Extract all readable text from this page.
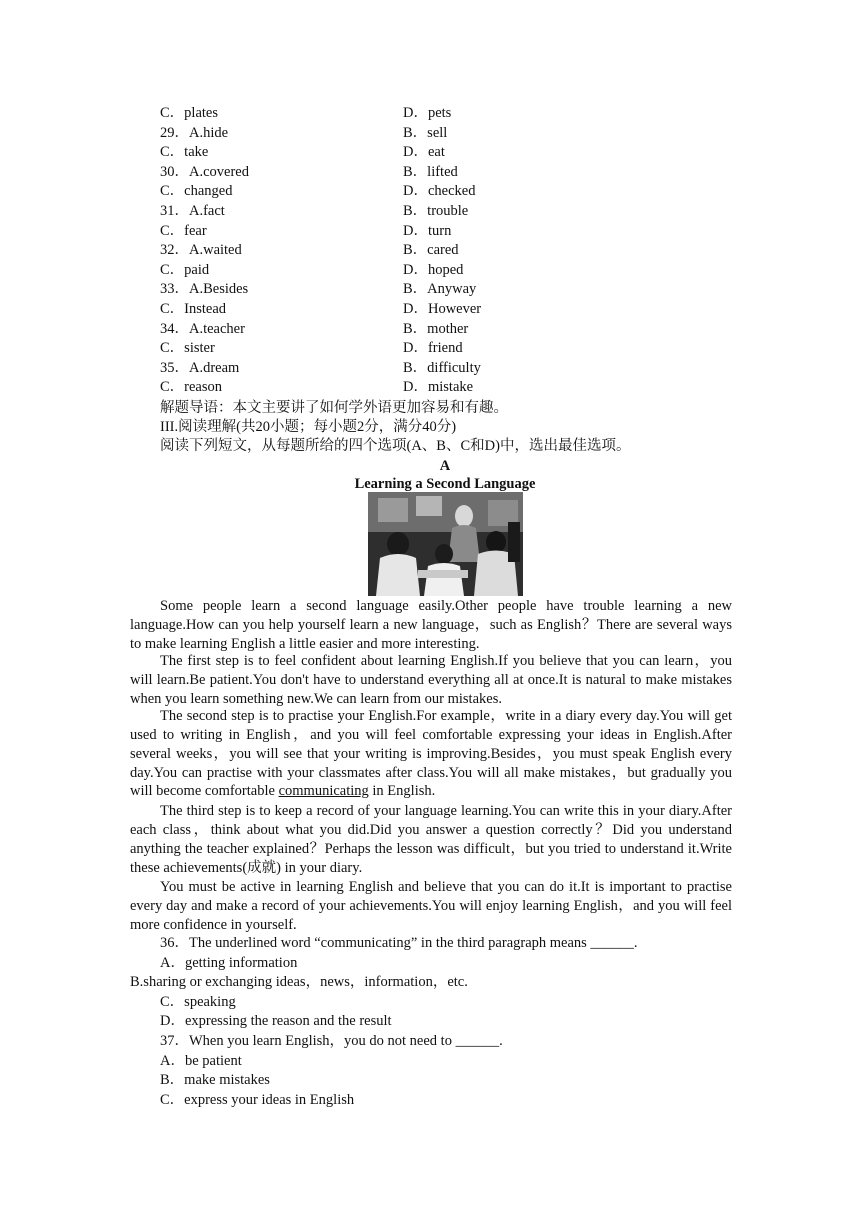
C．plates	D．pets
29．A.hide	B．sell
C．take	D．eat
30．A.covered	B．lifted
C．changed	D．checked
31．A.fact	B．trouble
C．fear	D．turn
32．A.waited	B．cared
C．paid	D．hoped
33．A.Besides	B．Anyway
C．Instead	D．However
34．A.teacher	B．mother
C．sister	D．friend
35．A.dream	B．difficulty
C．reason	D．mistake
解题导语：本文主要讲了如何学外语更加容易和有趣。
III.阅读理解(共20小题；每小题2分，满分40分)
阅读下列短文，从每题所给的四个选项(A、B、C和D)中，选出最佳选项。
A
Learning a Second Language

Some people learn a second language easily.Other people have trouble learning a new language.How can you help yourself learn a new language，such as English？There are several ways to make learning English a little easier and more interesting.

The first step is to feel confident about learning English.If you believe that you can learn，you will learn.Be patient.You don't have to understand everything all at once.It is natural to make mistakes when you learn something new.We can learn from our mistakes.

The second step is to practise your English.For example，write in a diary every day.You will get used to writing in English，and you will feel comfortable expressing your ideas in English.After several weeks，you will see that your writing is improving.Besides，you must speak English every day.You can practise with your classmates after class.You will all make mistakes，but gradually you will become comfortable communicating in English.

The third step is to keep a record of your language learning.You can write this in your diary.After each class，think about what you did.Did you answer a question correctly？Did you understand anything the teacher explained？Perhaps the lesson was difficult，but you tried to understand it.Write these achievements(成就) in your diary.

You must be active in learning English and believe that you can do it.It is important to practise every day and make a record of your achievements.You will enjoy learning English，and you will feel more confidence in yourself.

36．The underlined word “communicating” in the third paragraph means ______.
A．getting information
B.sharing or exchanging ideas，news，information，etc.
C．speaking
D．expressing the reason and the result
37．When you learn English，you do not need to ______.
A．be patient
B．make mistakes
C．express your ideas in English
